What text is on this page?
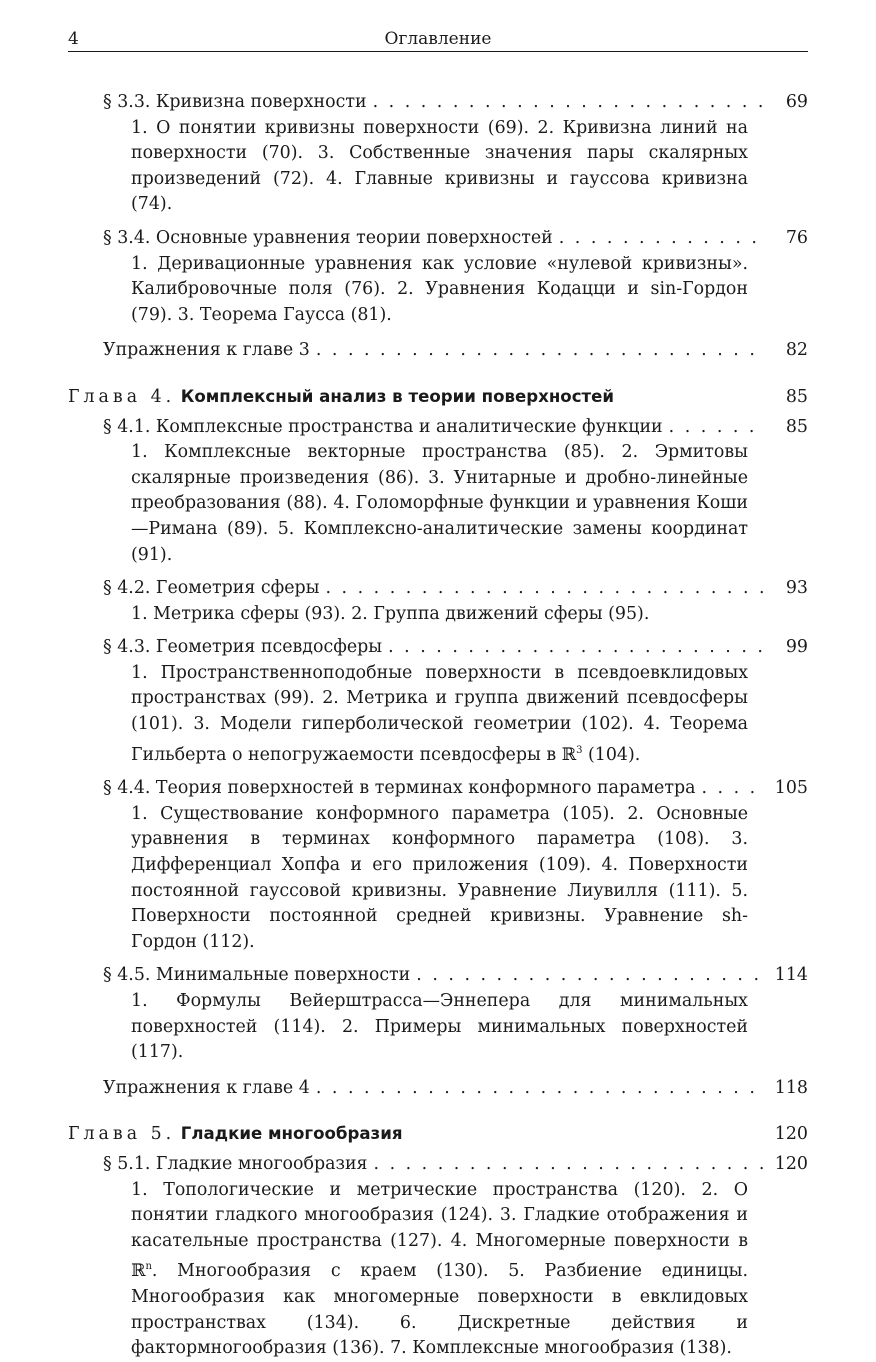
4	Оглавление
§ 3.3. Кривизна поверхности . . .	69
1. О понятии кривизны поверхности (69). 2. Кривизна линий на поверхности (70). 3. Собственные значения пары скалярных произведений (72). 4. Главные кривизны и гауссова кривизна (74).
§ 3.4. Основные уравнения теории поверхностей . . .	76
1. Деривационные уравнения как условие «нулевой кривизны». Калибровочные поля (76). 2. Уравнения Кодацци и sin-Гордон (79). 3. Теорема Гаусса (81).
Упражнения к главе 3 . . .	82
Глава 4. Комплексный анализ в теории поверхностей	85
§ 4.1. Комплексные пространства и аналитические функции . . .	85
1. Комплексные векторные пространства (85). 2. Эрмитовы скалярные произведения (86). 3. Унитарные и дробно-линейные преобразования (88). 4. Голоморфные функции и уравнения Коши—Римана (89). 5. Комплексно-аналитические замены координат (91).
§ 4.2. Геометрия сферы . . .	93
1. Метрика сферы (93). 2. Группа движений сферы (95).
§ 4.3. Геометрия псевдосферы . . .	99
1. Пространственноподобные поверхности в псевдоевклидовых пространствах (99). 2. Метрика и группа движений псевдосферы (101). 3. Модели гиперболической геометрии (102). 4. Теорема Гильберта о непогружаемости псевдосферы в ℝ$^3$ (104).
§ 4.4. Теория поверхностей в терминах конформного параметра . . .	105
1. Существование конформного параметра (105). 2. Основные уравнения в терминах конформного параметра (108). 3. Дифференциал Хопфа и его приложения (109). 4. Поверхности постоянной гауссовой кривизны. Уравнение Лиувилля (111). 5. Поверхности постоянной средней кривизны. Уравнение sh-Гордон (112).
§ 4.5. Минимальные поверхности . . .	114
1. Формулы Вейерштрасса—Эннепера для минимальных поверхностей (114). 2. Примеры минимальных поверхностей (117).
Упражнения к главе 4 . . .	118
Глава 5. Гладкие многообразия	120
§ 5.1. Гладкие многообразия . . .	120
1. Топологические и метрические пространства (120). 2. О понятии гладкого многообразия (124). 3. Гладкие отображения и касательные пространства (127). 4. Многомерные поверхности в ℝ$^n$. Многообразия с краем (130). 5. Разбиение единицы. Многообразия как многомерные поверхности в евклидовых пространствах (134). 6. Дискретные действия и фактормногообразия (136). 7. Комплексные многообразия (138).
